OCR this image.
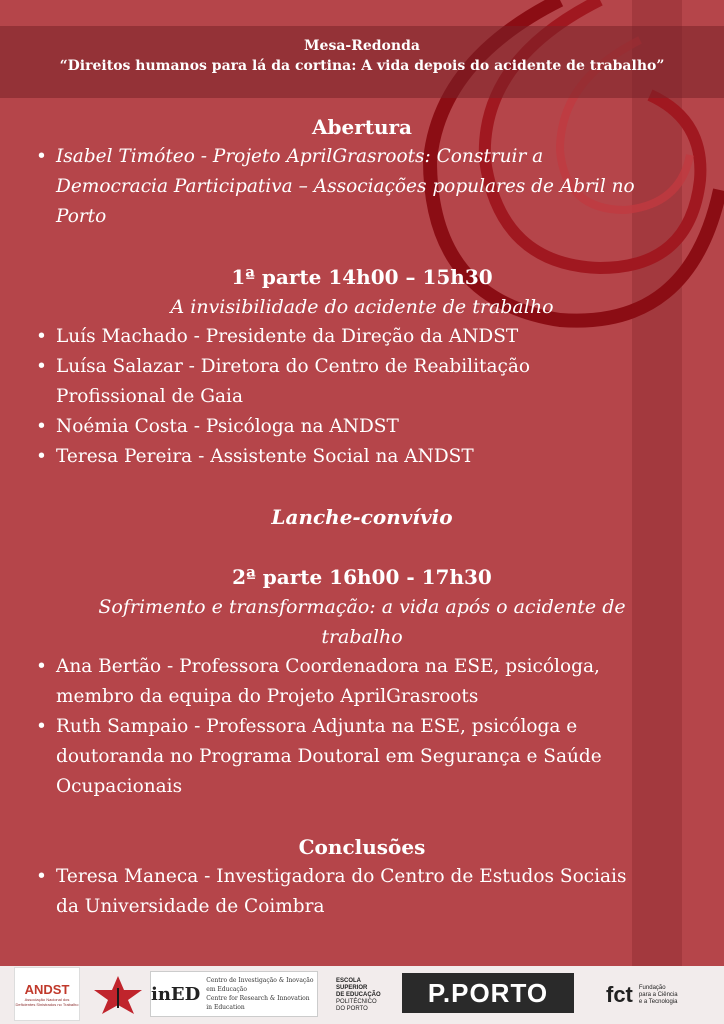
Mesa-Redonda
“Direitos humanos para lá da cortina: A vida depois do acidente de trabalho”
Abertura
• Isabel Timóteo - Projeto AprilGrasroots: Construir a Democracia Participativa – Associações populares de Abril no Porto
1ª parte 14h00 – 15h30
A invisibilidade do acidente de trabalho
• Luís Machado - Presidente da Direção da ANDST
• Luísa Salazar - Diretora do Centro de Reabilitação Profissional de Gaia
• Noémia Costa - Psicóloga na ANDST
• Teresa Pereira - Assistente Social na ANDST
Lanche-convívio
2ª parte 16h00 - 17h30
Sofrimento e transformação: a vida após o acidente de trabalho
• Ana Bertão - Professora Coordenadora na ESE, psicóloga, membro da equipa do Projeto AprilGrasroots
• Ruth Sampaio - Professora Adjunta na ESE, psicóloga e doutoranda no Programa Doutoral em Segurança e Saúde Ocupacionais
Conclusões
• Teresa Maneca - Investigadora do Centro de Estudos Sociais da Universidade de Coimbra
ANDST
Associação Nacional dos Deficientes Sinistrados no Trabalho	inED
Centro de Investigação & Inovação em Educação
Centre for Research & Innovation in Education
ESCOLA
SUPERIOR
DE EDUCAÇÃO
POLITÉCNICO
DO PORTO
P.PORTO	fct Fundação
para a Ciência
e a Tecnologia
